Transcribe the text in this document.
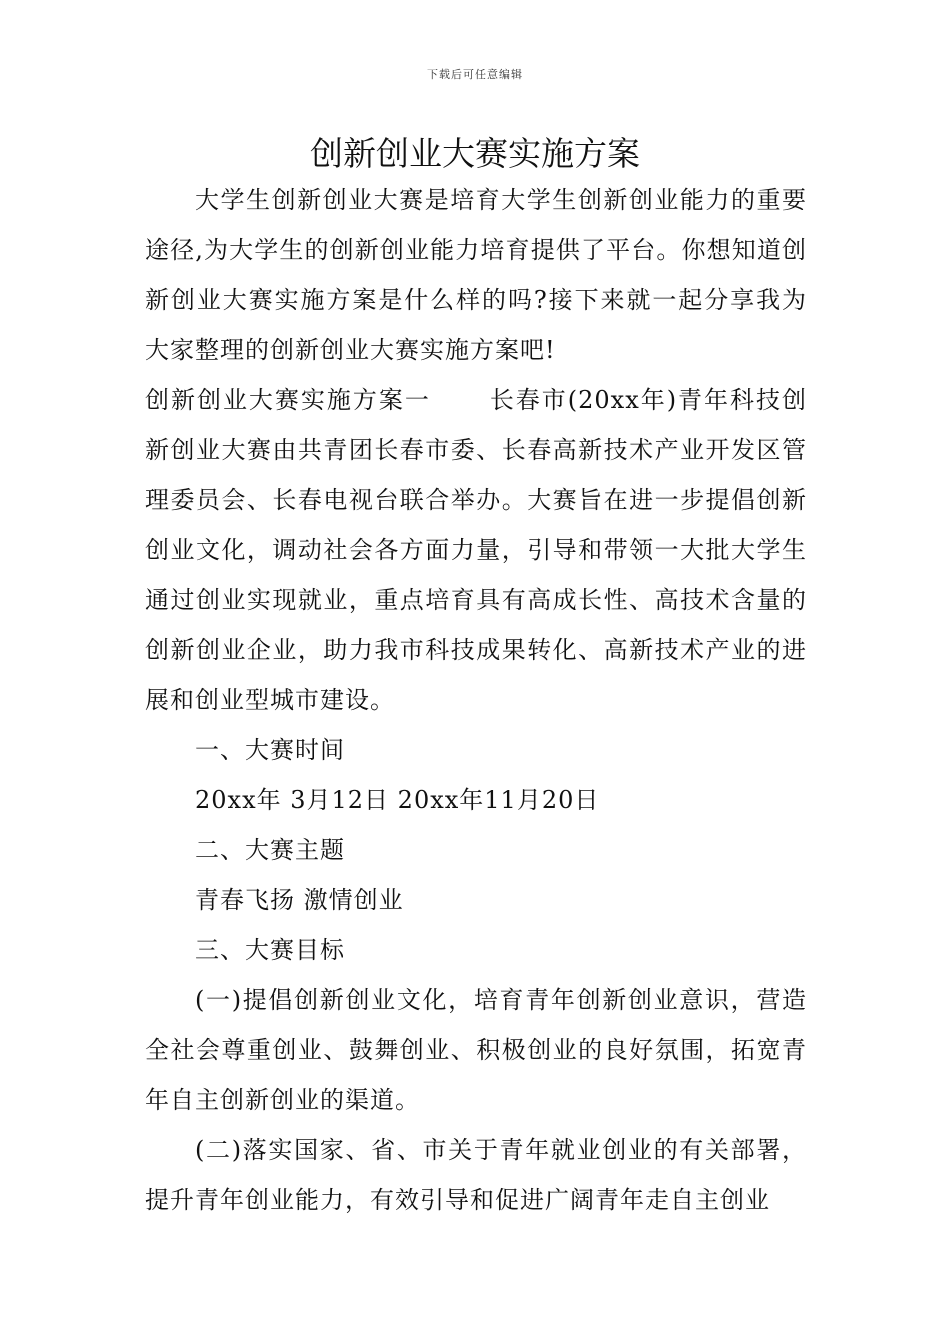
下载后可任意编辑
创新创业大赛实施方案

大学生创新创业大赛是培育大学生创新创业能力的重要途径,为大学生的创新创业能力培育提供了平台。你想知道创新创业大赛实施方案是什么样的吗?接下来就一起分享我为大家整理的创新创业大赛实施方案吧!

创新创业大赛实施方案一 长春市(20xx年)青年科技创新创业大赛由共青团长春市委、长春高新技术产业开发区管理委员会、长春电视台联合举办。大赛旨在进一步提倡创新创业文化，调动社会各方面力量，引导和带领一大批大学生通过创业实现就业，重点培育具有高成长性、高技术含量的创新创业企业，助力我市科技成果转化、高新技术产业的进展和创业型城市建设。

一、大赛时间

20xx年 3月12日 20xx年11月20日

二、大赛主题

青春飞扬 激情创业

三、大赛目标

(一)提倡创新创业文化，培育青年创新创业意识，营造全社会尊重创业、鼓舞创业、积极创业的良好氛围，拓宽青年自主创新创业的渠道。

(二)落实国家、省、市关于青年就业创业的有关部署，提升青年创业能力，有效引导和促进广阔青年走自主创业
